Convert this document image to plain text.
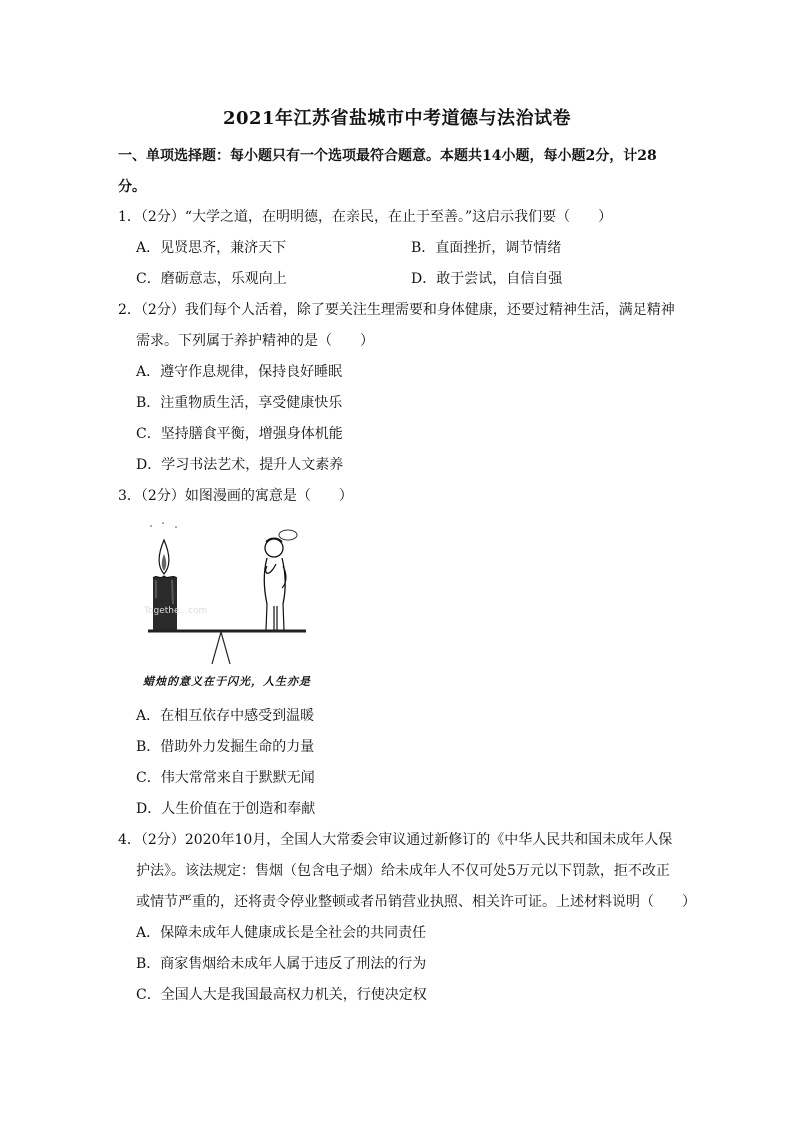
2021年江苏省盐城市中考道德与法治试卷
一、单项选择题：每小题只有一个选项最符合题意。本题共14小题，每小题2分，计28
分。
1．（2分）“大学之道，在明明德，在亲民，在止于至善。”这启示我们要（　　）
A．见贤思齐，兼济天下	B．直面挫折，调节情绪
C．磨砺意志，乐观向上	D．敢于尝试，自信自强
2．（2分）我们每个人活着，除了要关注生理需要和身体健康，还要过精神生活，满足精神
需求。下列属于养护精神的是（　　）
A．遵守作息规律，保持良好睡眠
B．注重物质生活，享受健康快乐
C．坚持膳食平衡，增强身体机能
D．学习书法艺术，提升人文素养
3．（2分）如图漫画的寓意是（　　）
Togethe...com
蜡烛的意义在于闪光，人生亦是
A．在相互依存中感受到温暖
B．借助外力发掘生命的力量
C．伟大常常来自于默默无闻
D．人生价值在于创造和奉献
4．（2分）2020年10月，全国人大常委会审议通过新修订的《中华人民共和国未成年人保
护法》。该法规定：售烟（包含电子烟）给未成年人不仅可处5万元以下罚款，拒不改正
或情节严重的，还将责令停业整顿或者吊销营业执照、相关许可证。上述材料说明（　　）
A．保障未成年人健康成长是全社会的共同责任
B．商家售烟给未成年人属于违反了刑法的行为
C．全国人大是我国最高权力机关，行使决定权
